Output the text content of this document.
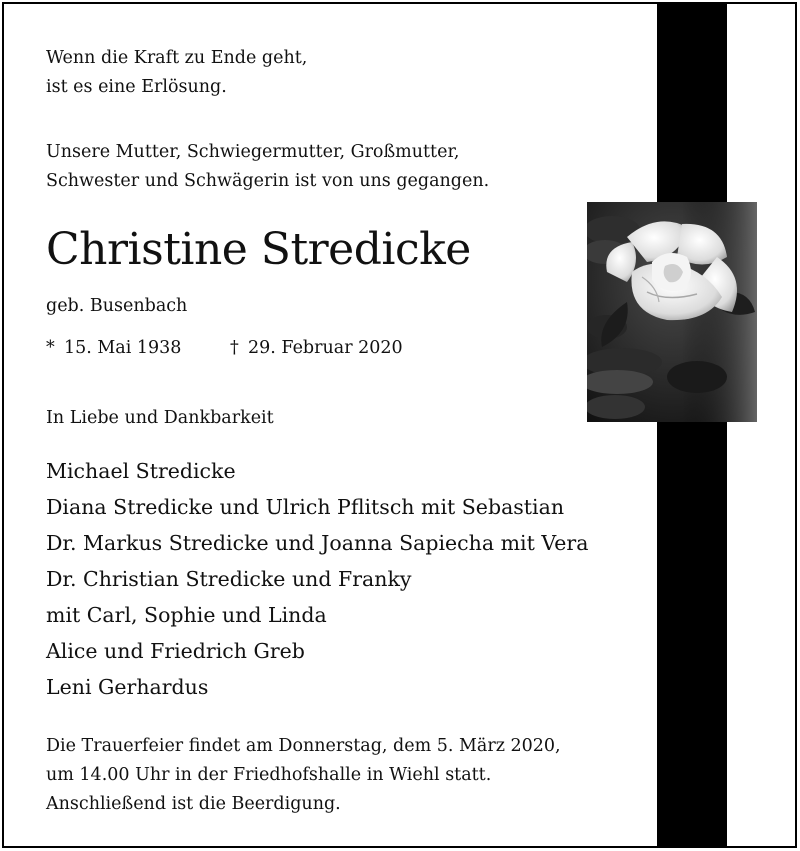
Wenn die Kraft zu Ende geht,
ist es eine Erlösung.
Unsere Mutter, Schwiegermutter, Großmutter,
Schwester und Schwägerin ist von uns gegangen.
Christine Stredicke
geb. Busenbach
* 15. Mai 1938	† 29. Februar 2020
In Liebe und Dankbarkeit
Michael Stredicke
Diana Stredicke und Ulrich Pflitsch mit Sebastian
Dr. Markus Stredicke und Joanna Sapiecha mit Vera
Dr. Christian Stredicke und Franky
mit Carl, Sophie und Linda
Alice und Friedrich Greb
Leni Gerhardus
Die Trauerfeier findet am Donnerstag, dem 5. März 2020,
um 14.00 Uhr in der Friedhofshalle in Wiehl statt.
Anschließend ist die Beerdigung.
